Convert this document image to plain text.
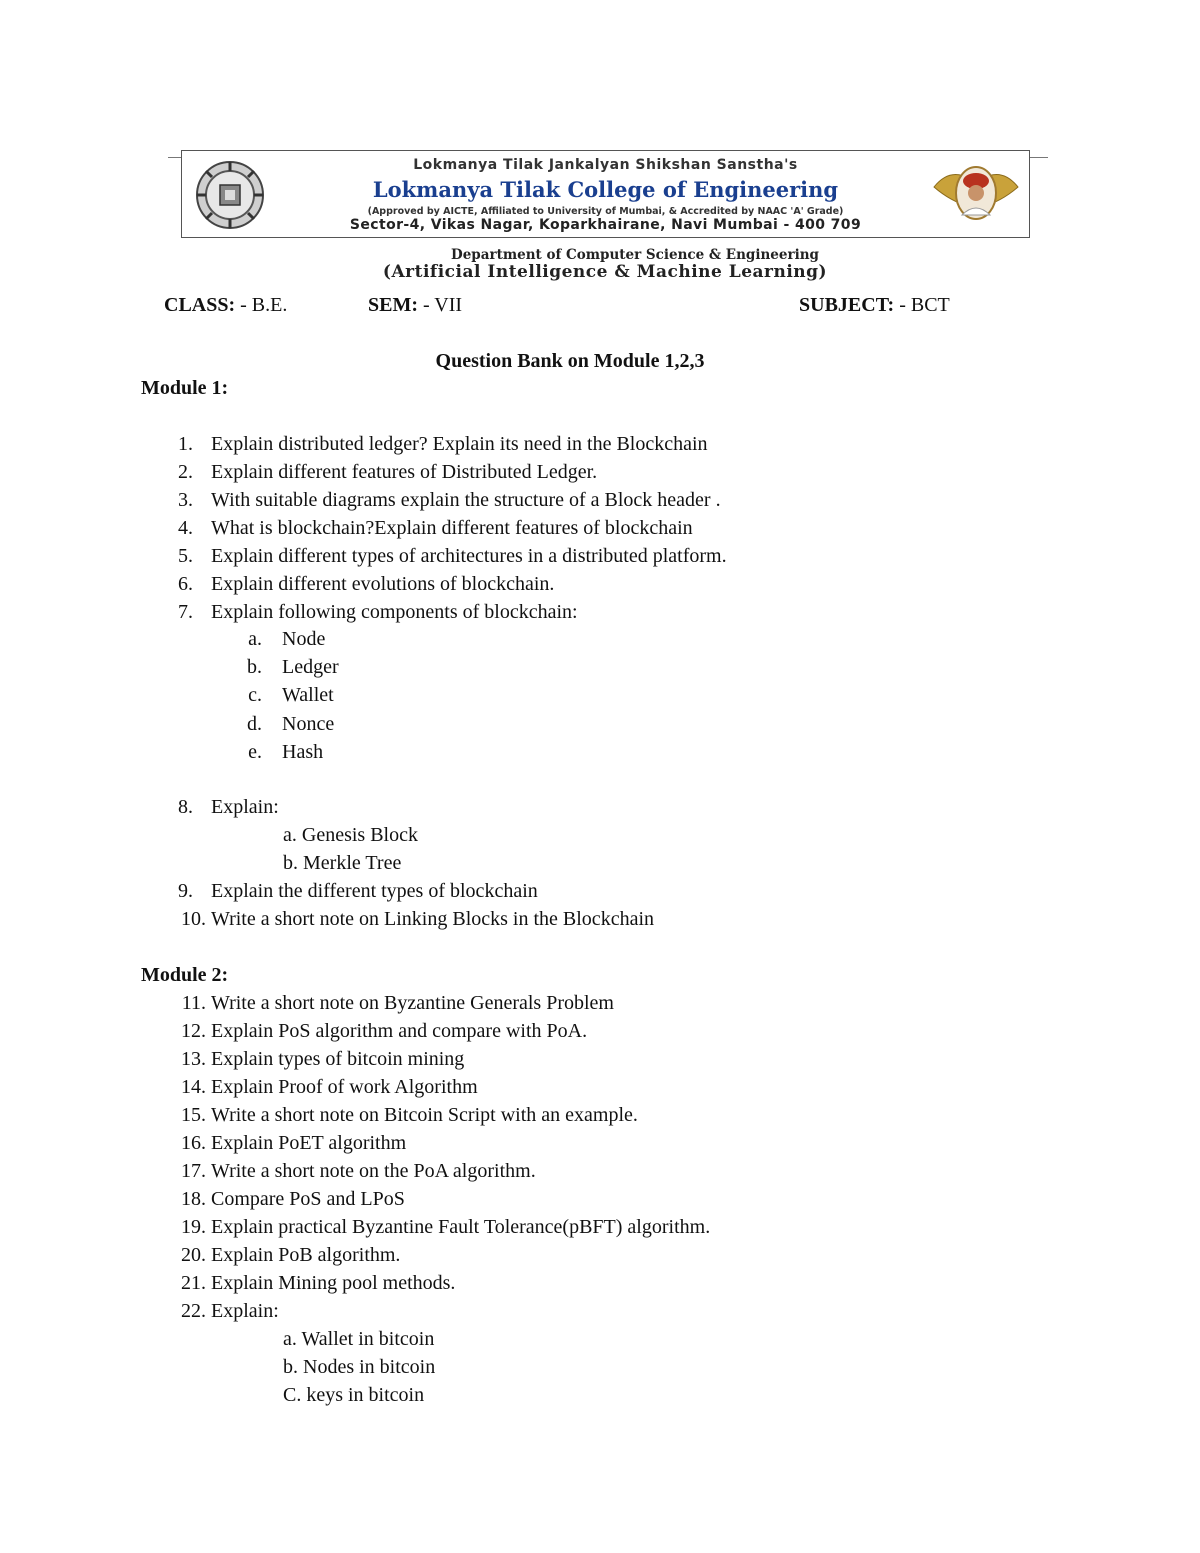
Lokmanya Tilak Jankalyan Shikshan Sanstha's
Lokmanya Tilak College of Engineering
(Approved by AICTE, Affiliated to University of Mumbai, & Accredited by NAAC 'A' Grade)
Sector-4, Vikas Nagar, Koparkhairane, Navi Mumbai - 400 709
Department of Computer Science & Engineering
(Artificial Intelligence & Machine Learning)
CLASS: - B.E.	SEM: - VII	SUBJECT: - BCT
Question Bank on Module 1,2,3
Module 1:
1. Explain distributed ledger? Explain its need in the Blockchain
2. Explain different features of Distributed Ledger.
3. With suitable diagrams explain the structure of a Block header .
4. What is blockchain?Explain different features of blockchain
5. Explain different types of architectures in a distributed platform.
6. Explain different evolutions of blockchain.
7. Explain following components of blockchain:
a. Node
b. Ledger
c. Wallet
d. Nonce
e. Hash
8. Explain:
a. Genesis Block
b. Merkle Tree
9. Explain the different types of blockchain
10. Write a short note on Linking Blocks in the Blockchain
Module 2:
11. Write a short note on Byzantine Generals Problem
12. Explain PoS algorithm and compare with PoA.
13. Explain types of bitcoin mining
14. Explain Proof of work Algorithm
15. Write a short note on Bitcoin Script with an example.
16. Explain PoET algorithm
17. Write a short note on the PoA algorithm.
18. Compare PoS and LPoS
19. Explain practical Byzantine Fault Tolerance(pBFT) algorithm.
20. Explain PoB algorithm.
21. Explain Mining pool methods.
22. Explain:
a. Wallet in bitcoin
b. Nodes in bitcoin
C. keys in bitcoin
